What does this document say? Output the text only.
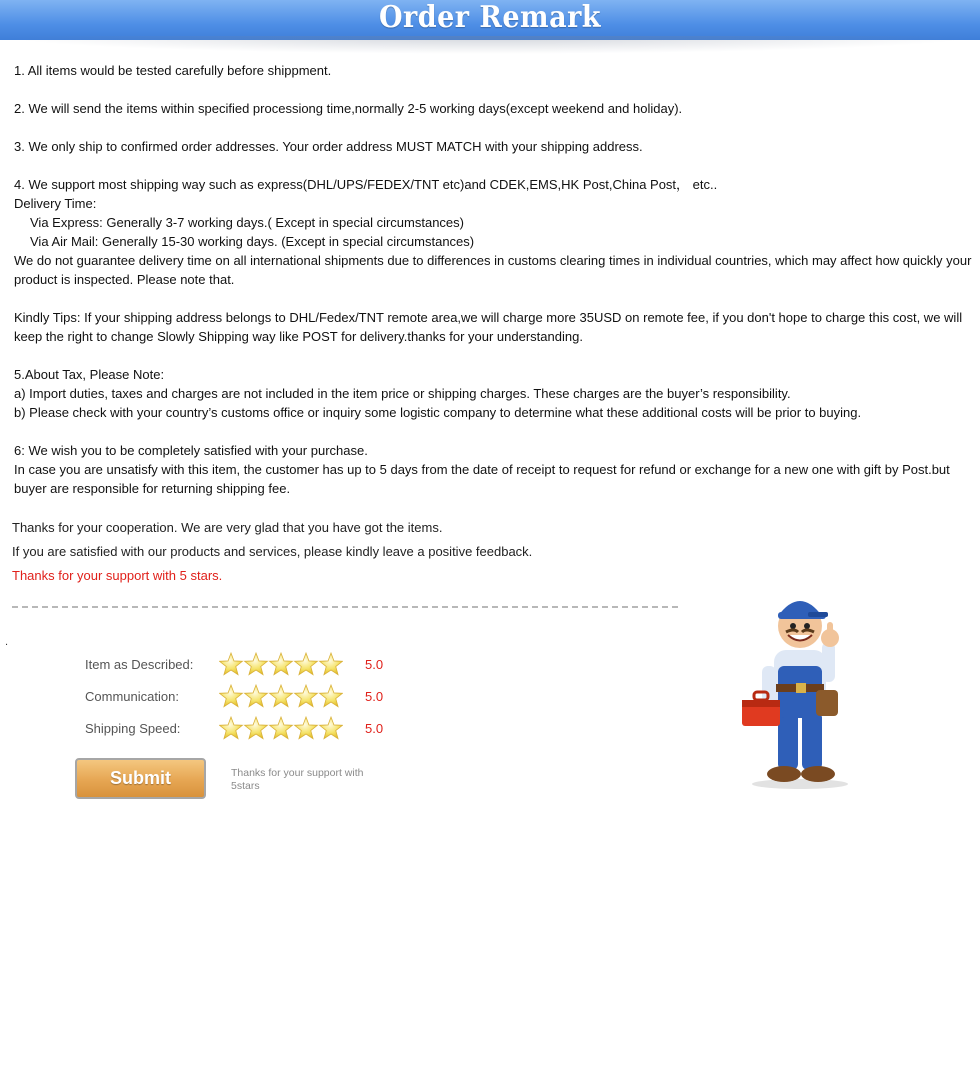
Order Remark

1. All items would be tested carefully before shippment.

2. We will send the items within specified processiong time,normally 2-5 working days(except weekend and holiday).

3. We only ship to confirmed order addresses. Your order address MUST MATCH with your shipping address.

4. We support most shipping way such as express(DHL/UPS/FEDEX/TNT etc)and CDEK,EMS,HK Post,China Post， etc..

Delivery Time:

Via Express: Generally 3-7 working days.( Except in special circumstances)

Via Air Mail: Generally 15-30 working days. (Except in special circumstances)

We do not guarantee delivery time on all international shipments due to differences in customs clearing times in individual countries, which may affect how quickly your product is inspected. Please note that.

Kindly Tips: If your shipping address belongs to DHL/Fedex/TNT remote area,we will charge more 35USD on remote fee, if you don't hope to charge this cost, we will keep the right to change Slowly Shipping way like POST for delivery.thanks for your understanding.

5.About Tax, Please Note:

a) Import duties, taxes and charges are not included in the item price or shipping charges. These charges are the buyer’s responsibility.

b) Please check with your country’s customs office or inquiry some logistic company to determine what these additional costs will be prior to buying.

6: We wish you to be completely satisfied with your purchase.

In case you are unsatisfy with this item, the customer has up to 5 days from the date of receipt to request for refund or exchange for a new one with gift by Post.but buyer are responsible for returning shipping fee.

Thanks for your cooperation. We are very glad that you have got the items.
If you are satisfied with our products and services, please kindly leave a positive feedback.
Thanks for your support with 5 stars.
.
Item as Described:	5.0
Communication:	5.0
Shipping Speed:	5.0
Submit	Thanks for your support with 5stars
